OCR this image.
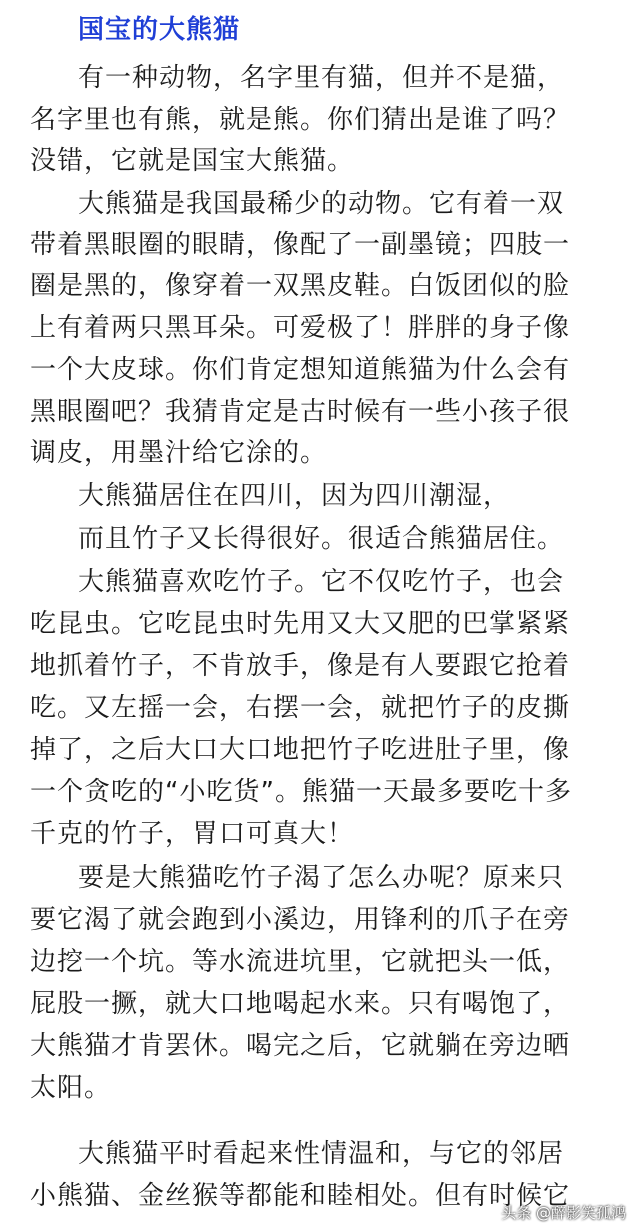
国宝的大熊猫
有一种动物，名字里有猫，但并不是猫，
名字里也有熊，就是熊。你们猜出是谁了吗？
没错，它就是国宝大熊猫。
大熊猫是我国最稀少的动物。它有着一双
带着黑眼圈的眼睛，像配了一副墨镜；四肢一
圈是黑的，像穿着一双黑皮鞋。白饭团似的脸
上有着两只黑耳朵。可爱极了！胖胖的身子像
一个大皮球。你们肯定想知道熊猫为什么会有
黑眼圈吧？我猜肯定是古时候有一些小孩子很
调皮，用墨汁给它涂的。
大熊猫居住在四川，因为四川潮湿，
而且竹子又长得很好。很适合熊猫居住。
大熊猫喜欢吃竹子。它不仅吃竹子，也会
吃昆虫。它吃昆虫时先用又大又肥的巴掌紧紧
地抓着竹子，不肯放手，像是有人要跟它抢着
吃。又左摇一会，右摆一会，就把竹子的皮撕
掉了，之后大口大口地把竹子吃进肚子里，像
一个贪吃的“小吃货”。熊猫一天最多要吃十多
千克的竹子，胃口可真大！
要是大熊猫吃竹子渴了怎么办呢？原来只
要它渴了就会跑到小溪边，用锋利的爪子在旁
边挖一个坑。等水流进坑里，它就把头一低，
屁股一撅，就大口地喝起水来。只有喝饱了，
大熊猫才肯罢休。喝完之后，它就躺在旁边晒
太阳。
大熊猫平时看起来性情温和，与它的邻居
小熊猫、金丝猴等都能和睦相处。但有时候它
头条 @醉影笑孤鸿
